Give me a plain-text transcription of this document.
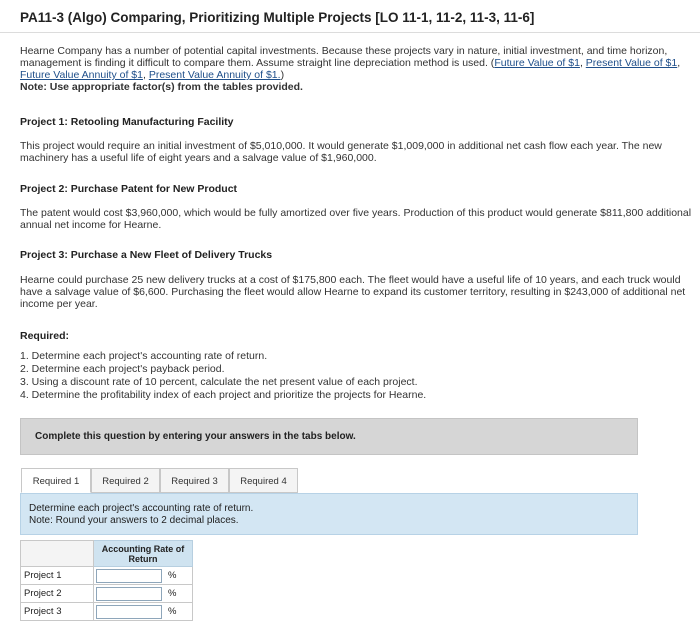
PA11-3 (Algo) Comparing, Prioritizing Multiple Projects [LO 11-1, 11-2, 11-3, 11-6]
Hearne Company has a number of potential capital investments. Because these projects vary in nature, initial investment, and time horizon, management is finding it difficult to compare them. Assume straight line depreciation method is used. (Future Value of $1, Present Value of $1, Future Value Annuity of $1, Present Value Annuity of $1.)
Note: Use appropriate factor(s) from the tables provided.
Project 1: Retooling Manufacturing Facility
This project would require an initial investment of $5,010,000. It would generate $1,009,000 in additional net cash flow each year. The new machinery has a useful life of eight years and a salvage value of $1,960,000.
Project 2: Purchase Patent for New Product
The patent would cost $3,960,000, which would be fully amortized over five years. Production of this product would generate $811,800 additional annual net income for Hearne.
Project 3: Purchase a New Fleet of Delivery Trucks
Hearne could purchase 25 new delivery trucks at a cost of $175,800 each. The fleet would have a useful life of 10 years, and each truck would have a salvage value of $6,600. Purchasing the fleet would allow Hearne to expand its customer territory, resulting in $243,000 of additional net income per year.
Required:
1. Determine each project's accounting rate of return.
2. Determine each project's payback period.
3. Using a discount rate of 10 percent, calculate the net present value of each project.
4. Determine the profitability index of each project and prioritize the projects for Hearne.
Complete this question by entering your answers in the tabs below.
Required 1	Required 2	Required 3	Required 4
Determine each project's accounting rate of return.
Note: Round your answers to 2 decimal places.
	Accounting Rate of Return
Project 1	%

Project 2	%

Project 3	%
